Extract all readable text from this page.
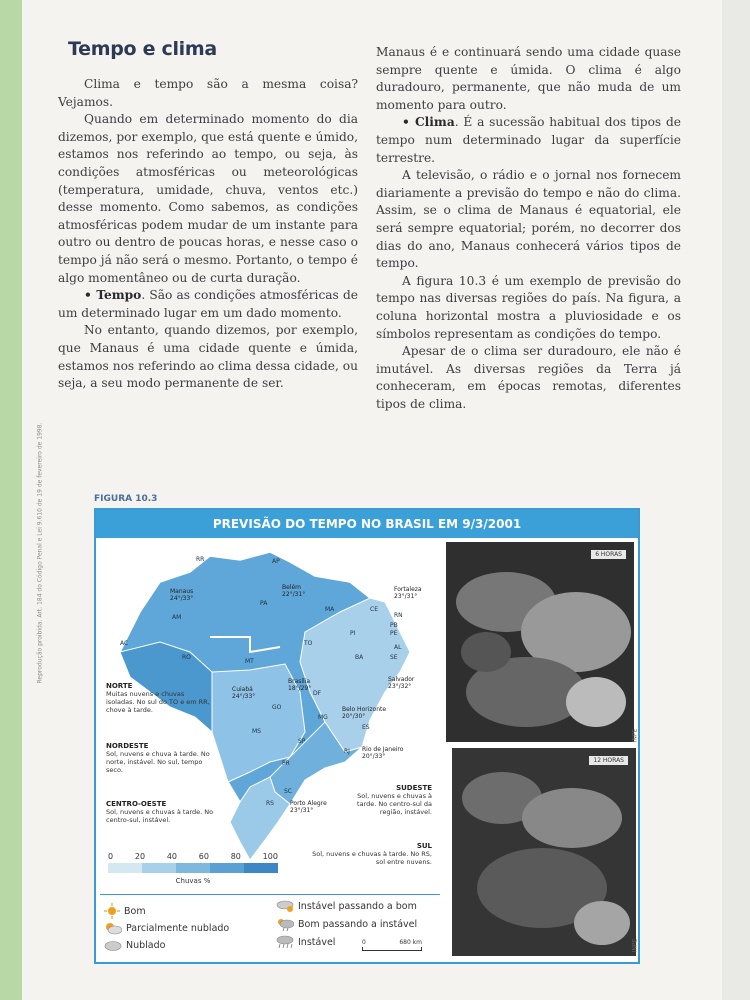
Reprodução proibida. Art. 184 do Código Penal e Lei 9.610 de 19 de fevereiro de 1998.
Tempo e clima

Clima e tempo são a mesma coisa? Vejamos.

Quando em determinado momento do dia dizemos, por exemplo, que está quente e úmido, estamos nos referindo ao tempo, ou seja, às condições atmosféricas ou meteorológicas (temperatura, umidade, chuva, ventos etc.) desse momento. Como sabemos, as condições atmosféricas podem mudar de um instante para outro ou dentro de poucas horas, e nesse caso o tempo já não será o mesmo. Portanto, o tempo é algo momentâneo ou de curta duração.

• Tempo. São as condições atmosféricas de um determinado lugar em um dado momento.

No entanto, quando dizemos, por exemplo, que Manaus é uma cidade quente e úmida, estamos nos referindo ao clima dessa cidade, ou seja, a seu modo permanente de ser.

Manaus é e continuará sendo uma cidade quase sempre quente e úmida. O clima é algo duradouro, permanente, que não muda de um momento para outro.

• Clima. É a sucessão habitual dos tipos de tempo num determinado lugar da superfície terrestre.

A televisão, o rádio e o jornal nos fornecem diariamente a previsão do tempo e não do clima. Assim, se o clima de Manaus é equatorial, ele será sempre equatorial; porém, no decorrer dos dias do ano, Manaus conhecerá vários tipos de tempo.

A figura 10.3 é um exemplo de previsão do tempo nas diversas regiões do país. Na figura, a coluna horizontal mostra a pluviosidade e os símbolos representam as condições do tempo.

Apesar de o clima ser duradouro, ele não é imutável. As diversas regiões da Terra já conheceram, em épocas remotas, diferentes tipos de clima.

FIGURA 10.3
PREVISÃO DO TEMPO NO BRASIL EM 9/3/2001
RR	AP
AM
PA
MA	CE
RN
PB
PE
AL
SE
PI
AC
RO
TO
BA
MT
GO
DF
MG
ES
MS
SP
RJ
PR
SC
RS
Manaus
24°/33°
Belém
22°/31°
Fortaleza
23°/31°
Cuiabá
24°/33°
Brasília
18°/29°
Salvador
23°/32°
Belo Horizonte
20°/30°
Rio de Janeiro
20°/33°
Porto Alegre
23°/31°
NORTE
Muitas nuvens e chuvas isoladas. No sul do TO e em RR, chove à tarde.
NORDESTE
Sol, nuvens e chuva à tarde. No norte, instável. No sul, tempo seco.
CENTRO-OESTE
Sol, nuvens e chuvas à tarde. No centro-sul, instável.
SUDESTE
Sol, nuvens e chuvas à tarde. No centro-sul da região, instável.
SUL
Sol, nuvens e chuvas à tarde. No RS, sol entre nuvens.
0	20	40	60	80	100
Chuvas %
6 HORAS
12 HORAS
INPE
Bom
Parcialmente nublado
Nublado
Instável passando a bom
Bom passando a instável
Instável	0	680 km	INPE
